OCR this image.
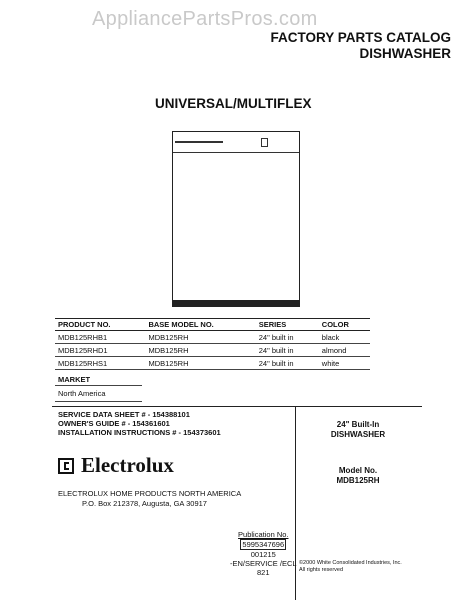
AppliancePartsPros.com
FACTORY PARTS CATALOG
DISHWASHER
UNIVERSAL/MULTIFLEX
PRODUCT NO.	BASE MODEL NO.	SERIES	COLOR
MDB125RHB1	MDB125RH	24" built in	black
MDB125RHD1	MDB125RH	24" built in	almond
MDB125RHS1	MDB125RH	24" built in	white
MARKET
North America
SERVICE DATA SHEET # - 154388101
OWNER'S GUIDE # - 154361601
INSTALLATION INSTRUCTIONS # - 154373601
Electrolux
ELECTROLUX HOME PRODUCTS NORTH AMERICA
P.O. Box 212378, Augusta, GA 30917
Publication No.
5995347696
001215
-EN/SERVICE /ECL
821
24" Built-In
DISHWASHER
Model No.
MDB125RH
©2000 White Consolidated Industries, Inc.
All rights reserved
